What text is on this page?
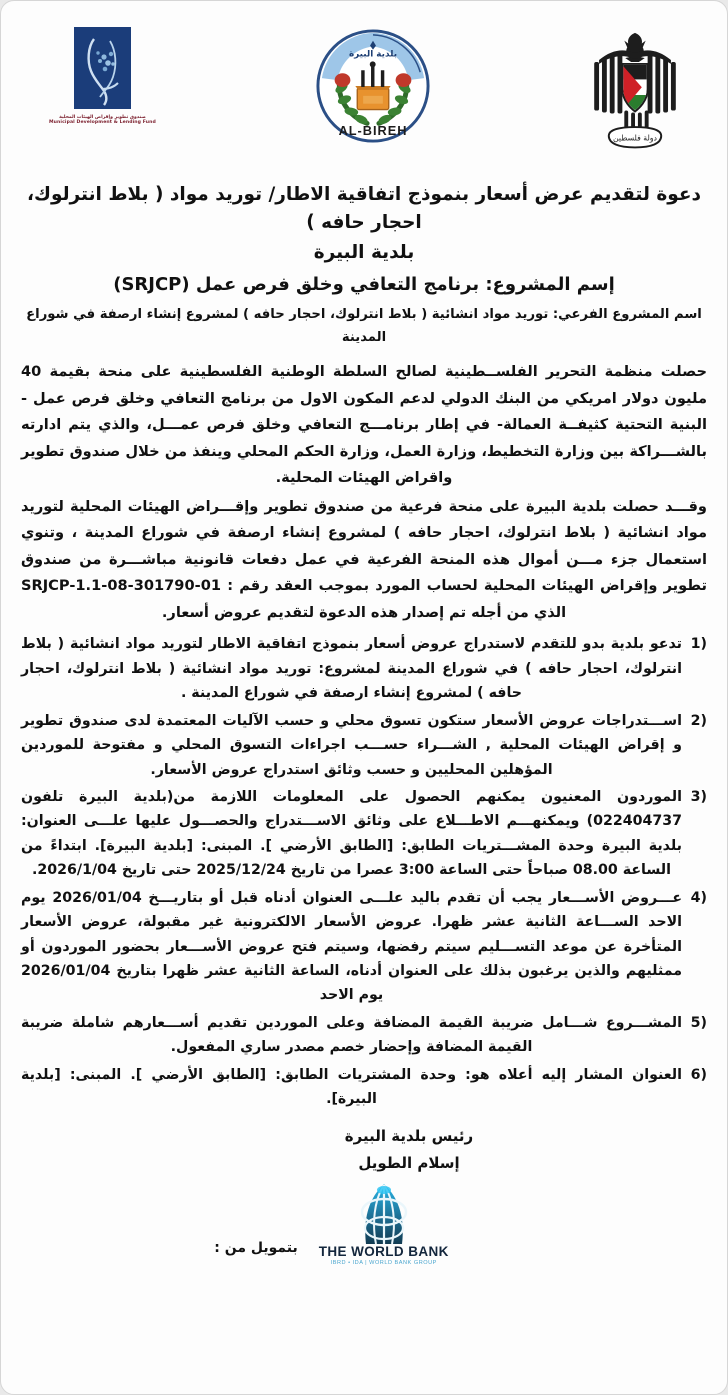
صندوق تطوير وإقراض الهيئات المحلية
Municipal Development & Lending Fund
بلدية البيرة
AL-BIREH	دولة فلسطين
دعوة لتقديم عرض أسعار بنموذج اتفاقية الاطار/ توريد مواد ( بلاط انترلوك، احجار حافه )
بلدية البيرة
إسم المشروع: برنامج التعافي وخلق فرص عمل (SRJCP)
اسم المشروع الفرعي: توريد مواد انشائية ( بلاط انترلوك، احجار حافه ) لمشروع إنشاء ارصفة في شوراع المدينة

حصلت منظمة التحرير الفلســطينية لصالح السلطة الوطنية الفلسطينية على منحة بقيمة 40 مليون دولار امريكي من البنك الدولي لدعم المكون الاول من برنامج التعافي وخلق فرص عمل - البنية التحتية كثيفــة العمالة- في إطار برنامـــج التعافي وخلق فرص عمـــل، والذي يتم ادارته بالشـــراكة بين وزارة التخطيط، وزارة العمل، وزارة الحكم المحلي وينفذ من خلال صندوق تطوير واقراض الهيئات المحلية.

وقـــد حصلت بلدية البيرة على منحة فرعية من صندوق تطوير وإقـــراض الهيئات المحلية لتوريد مواد انشائية ( بلاط انترلوك، احجار حافه ) لمشروع إنشاء ارصفة في شوراع المدينة ، وتنوي استعمال جزء مـــن أموال هذه المنحة الفرعية في عمل دفعات قانونية مباشـــرة من صندوق تطوير وإقراض الهيئات المحلية لحساب المورد بموجب العقد رقم : 01-301790-08-SRJCP-1.1 الذي من أجله تم إصدار هذه الدعوة لتقديم عروض أسعار.

1)
تدعو بلدية بدو للتقدم لاستدراج عروض أسعار بنموذج اتفاقية الاطار لتوريد مواد انشائية ( بلاط انترلوك، احجار حافه ) في شوراع المدينة لمشروع: توريد مواد انشائية ( بلاط انترلوك، احجار حافه ) لمشروع إنشاء ارصفة في شوراع المدينة .
2)
اســـتدراجات عروض الأسعار ستكون تسوق محلي و حسب الآليات المعتمدة لدى صندوق تطوير و إقراض الهيئات المحلية , الشـــراء حســـب اجراءات التسوق المحلي و مفتوحة للموردين المؤهلين المحليين و حسب وثائق استدراج عروض الأسعار.
3)
الموردون المعنيون يمكنهم الحصول على المعلومات اللازمة من(بلدية البيرة تلفون 022404737) ويمكنهـــم الاطـــلاع على وثائق الاســـتدراج والحصـــول عليها علـــى العنوان: بلدية البيرة وحدة المشـــتريات الطابق: [الطابق الأرضي ]. المبنى: [بلدية البيرة]. ابتداءً من الساعة 08.00 صباحاً حتى الساعة 3:00 عصرا من تاريخ 2025/12/24 حتى تاريخ 2026/1/04.
4)
عـــروض الأســـعار يجب أن تقدم باليد علـــى العنوان أدناه قبل أو بتاريـــخ 2026/01/04 يوم الاحد الســـاعة الثانية عشر ظهرا. عروض الأسعار الالكترونية غير مقبولة، عروض الأسعار المتأخرة عن موعد التســـليم سيتم رفضها، وسيتم فتح عروض الأســـعار بحضور الموردون أو ممثليهم والذين يرغبون بذلك على العنوان أدناه، الساعة الثانية عشر ظهرا بتاريخ 2026/01/04 يوم الاحد
5)
المشـــروع شـــامل ضريبة القيمة المضافة وعلى الموردين تقديم أســـعارهم شاملة ضريبة القيمة المضافة وإحضار خصم مصدر ساري المفعول.
6)
العنوان المشار إليه أعلاه هو: وحدة المشتريات الطابق: [الطابق الأرضي ]. المبنى: [بلدية البيرة].
رئيس بلدية البيرة
إسلام الطويل
THE WORLD BANK
IBRD • IDA | WORLD BANK GROUP
بتمويل من :
